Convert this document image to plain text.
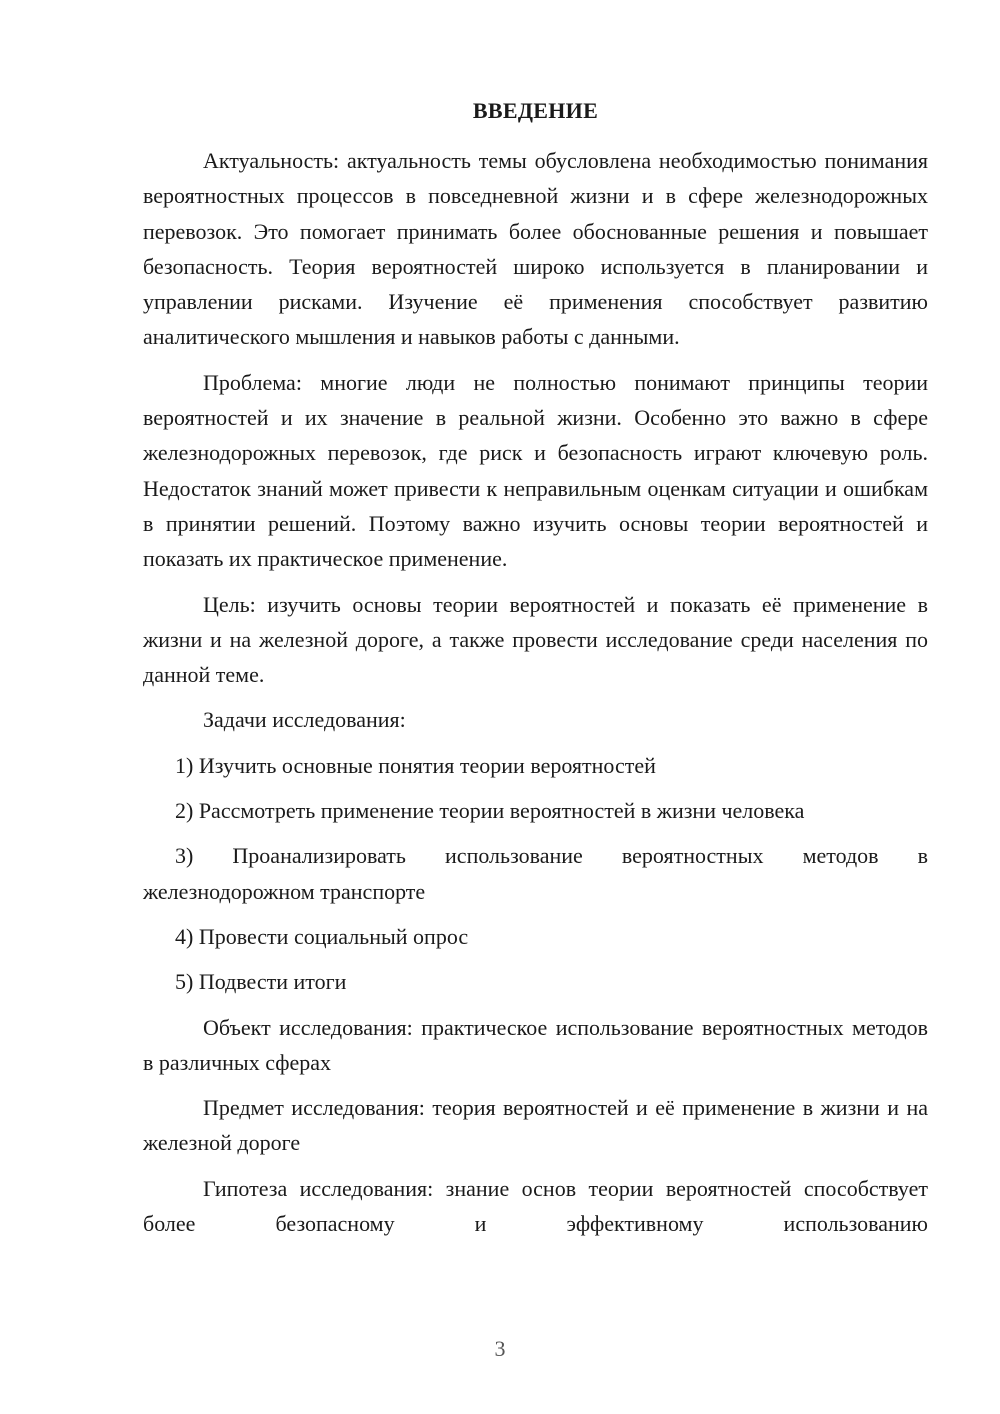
ВВЕДЕНИЕ

Актуальность: актуальность темы обусловлена необходимостью понимания вероятностных процессов в повседневной жизни и в сфере железнодорожных перевозок. Это помогает принимать более обоснованные решения и повышает безопасность. Теория вероятностей широко используется в планировании и управлении рисками. Изучение её применения способствует развитию аналитического мышления и навыков работы с данными.

Проблема: многие люди не полностью понимают принципы теории вероятностей и их значение в реальной жизни. Особенно это важно в сфере железнодорожных перевозок, где риск и безопасность играют ключевую роль. Недостаток знаний может привести к неправильным оценкам ситуации и ошибкам в принятии решений. Поэтому важно изучить основы теории вероятностей и показать их практическое применение.

Цель: изучить основы теории вероятностей и показать её применение в жизни и на железной дороге, а также провести исследование среди населения по данной теме.

Задачи исследования:

1) Изучить основные понятия теории вероятностей

2) Рассмотреть применение теории вероятностей в жизни человека

3) Проанализировать использование вероятностных методов в железнодорожном транспорте

4) Провести социальный опрос

5) Подвести итоги

Объект исследования: практическое использование вероятностных методов в различных сферах

Предмет исследования: теория вероятностей и её применение в жизни и на железной дороге

Гипотеза исследования: знание основ теории вероятностей способствует более безопасному и эффективному использованию

3
